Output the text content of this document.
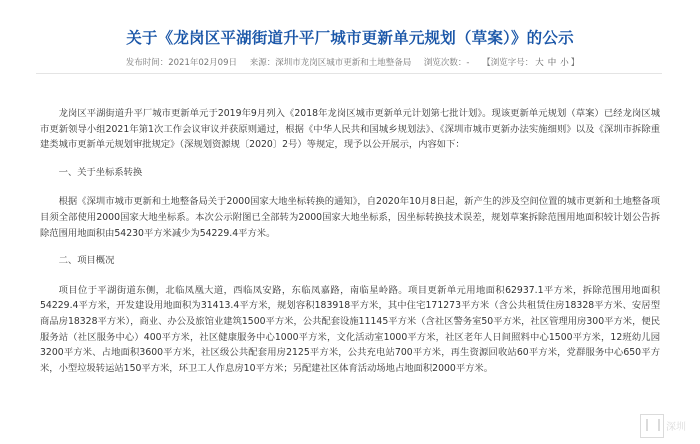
关于《龙岗区平湖街道升平厂城市更新单元规划（草案）》的公示
发布时间：2021年02月09日 来源：深圳市龙岗区城市更新和土地整备局 浏览次数：- 【浏览字号： 大 中 小 】

龙岗区平湖街道升平厂城市更新单元于2019年9月列入《2018年龙岗区城市更新单元计划第七批计划》。现该更新单元规划（草案）已经龙岗区城市更新领导小组2021年第1次工作会议审议并获原则通过，根据《中华人民共和国城乡规划法》、《深圳市城市更新办法实施细则》以及《深圳市拆除重建类城市更新单元规划审批规定》（深规划资源规〔2020〕2号）等规定，现予以公开展示，内容如下：

一、关于坐标系转换

根据《深圳市城市更新和土地整备局关于2000国家大地坐标转换的通知》，自2020年10月8日起，新产生的涉及空间位置的城市更新和土地整备项目须全部使用2000国家大地坐标系。本次公示附图已全部转为2000国家大地坐标系，因坐标转换技术误差，规划草案拆除范围用地面积较计划公告拆除范围用地面积由54230平方米减少为54229.4平方米。

二、项目概况

项目位于平湖街道东侧，北临凤凰大道，西临凤安路，东临凤嘉路，南临星岭路。项目更新单元用地面积62937.1平方米，拆除范围用地面积54229.4平方米，开发建设用地面积为31413.4平方米，规划容积183918平方米，其中住宅171273平方米（含公共租赁住房18328平方米、安居型商品房18328平方米），商业、办公及旅馆业建筑1500平方米，公共配套设施11145平方米（含社区警务室50平方米，社区管理用房300平方米，便民服务站（社区服务中心）400平方米，社区健康服务中心1000平方米，文化活动室1000平方米，社区老年人日间照料中心1500平方米，12班幼儿园3200平方米、占地面积3600平方米，社区级公共配套用房2125平方米，公共充电站700平方米，再生资源回收站60平方米，党群服务中心650平方米，小型垃圾转运站150平方米，环卫工人作息房10平方米；另配建社区体育活动场地占地面积2000平方米。

深圳
